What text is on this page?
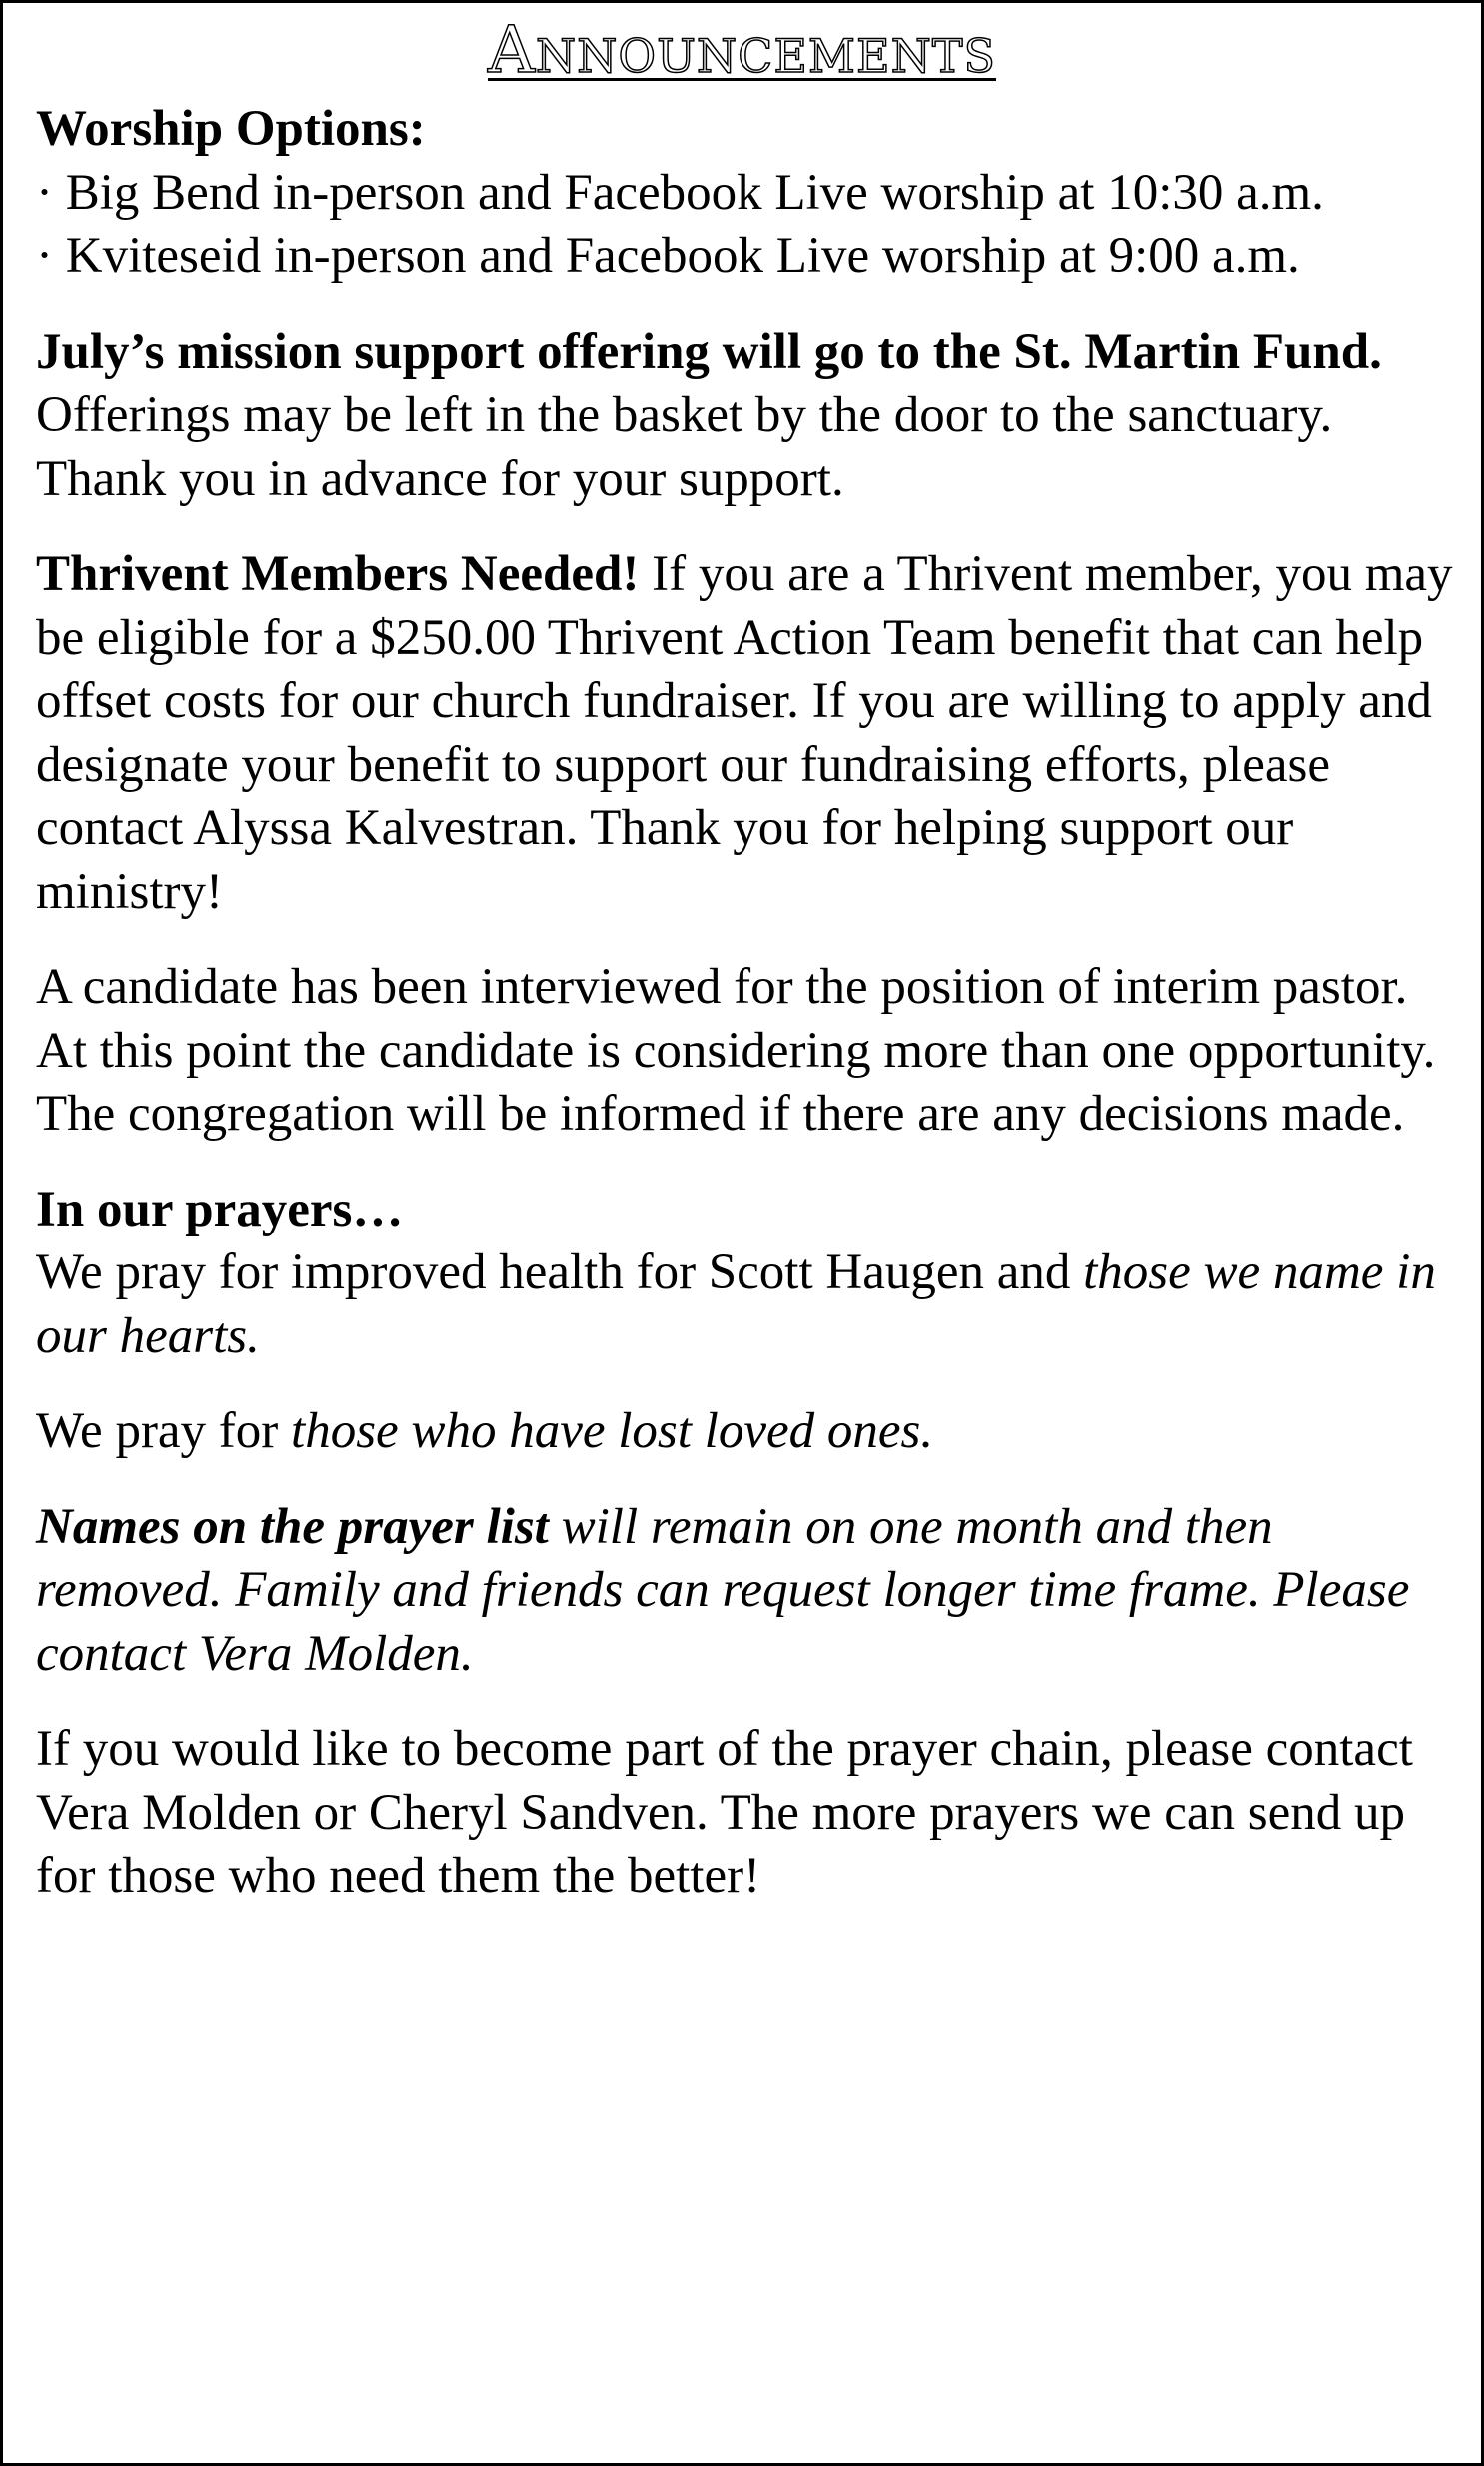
Announcements
Worship Options:
· Big Bend in-person and Facebook Live worship at 10:30 a.m.
· Kviteseid in-person and Facebook Live worship at 9:00 a.m.

July’s mission support offering will go to the St. Martin Fund. Offerings may be left in the basket by the door to the sanctuary. Thank you in advance for your support.

Thrivent Members Needed! If you are a Thrivent member, you may be eligible for a $250.00 Thrivent Action Team benefit that can help offset costs for our church fundraiser. If you are willing to apply and designate your benefit to support our fundraising efforts, please contact Alyssa Kalvestran. Thank you for helping support our ministry!

A candidate has been interviewed for the position of interim pastor. At this point the candidate is considering more than one opportunity. The congregation will be informed if there are any decisions made.

In our prayers…

We pray for improved health for Scott Haugen and those we name in our hearts.

We pray for those who have lost loved ones.

Names on the prayer list will remain on one month and then removed. Family and friends can request longer time frame. Please contact Vera Molden.

If you would like to become part of the prayer chain, please contact Vera Molden or Cheryl Sandven. The more prayers we can send up for those who need them the better!
